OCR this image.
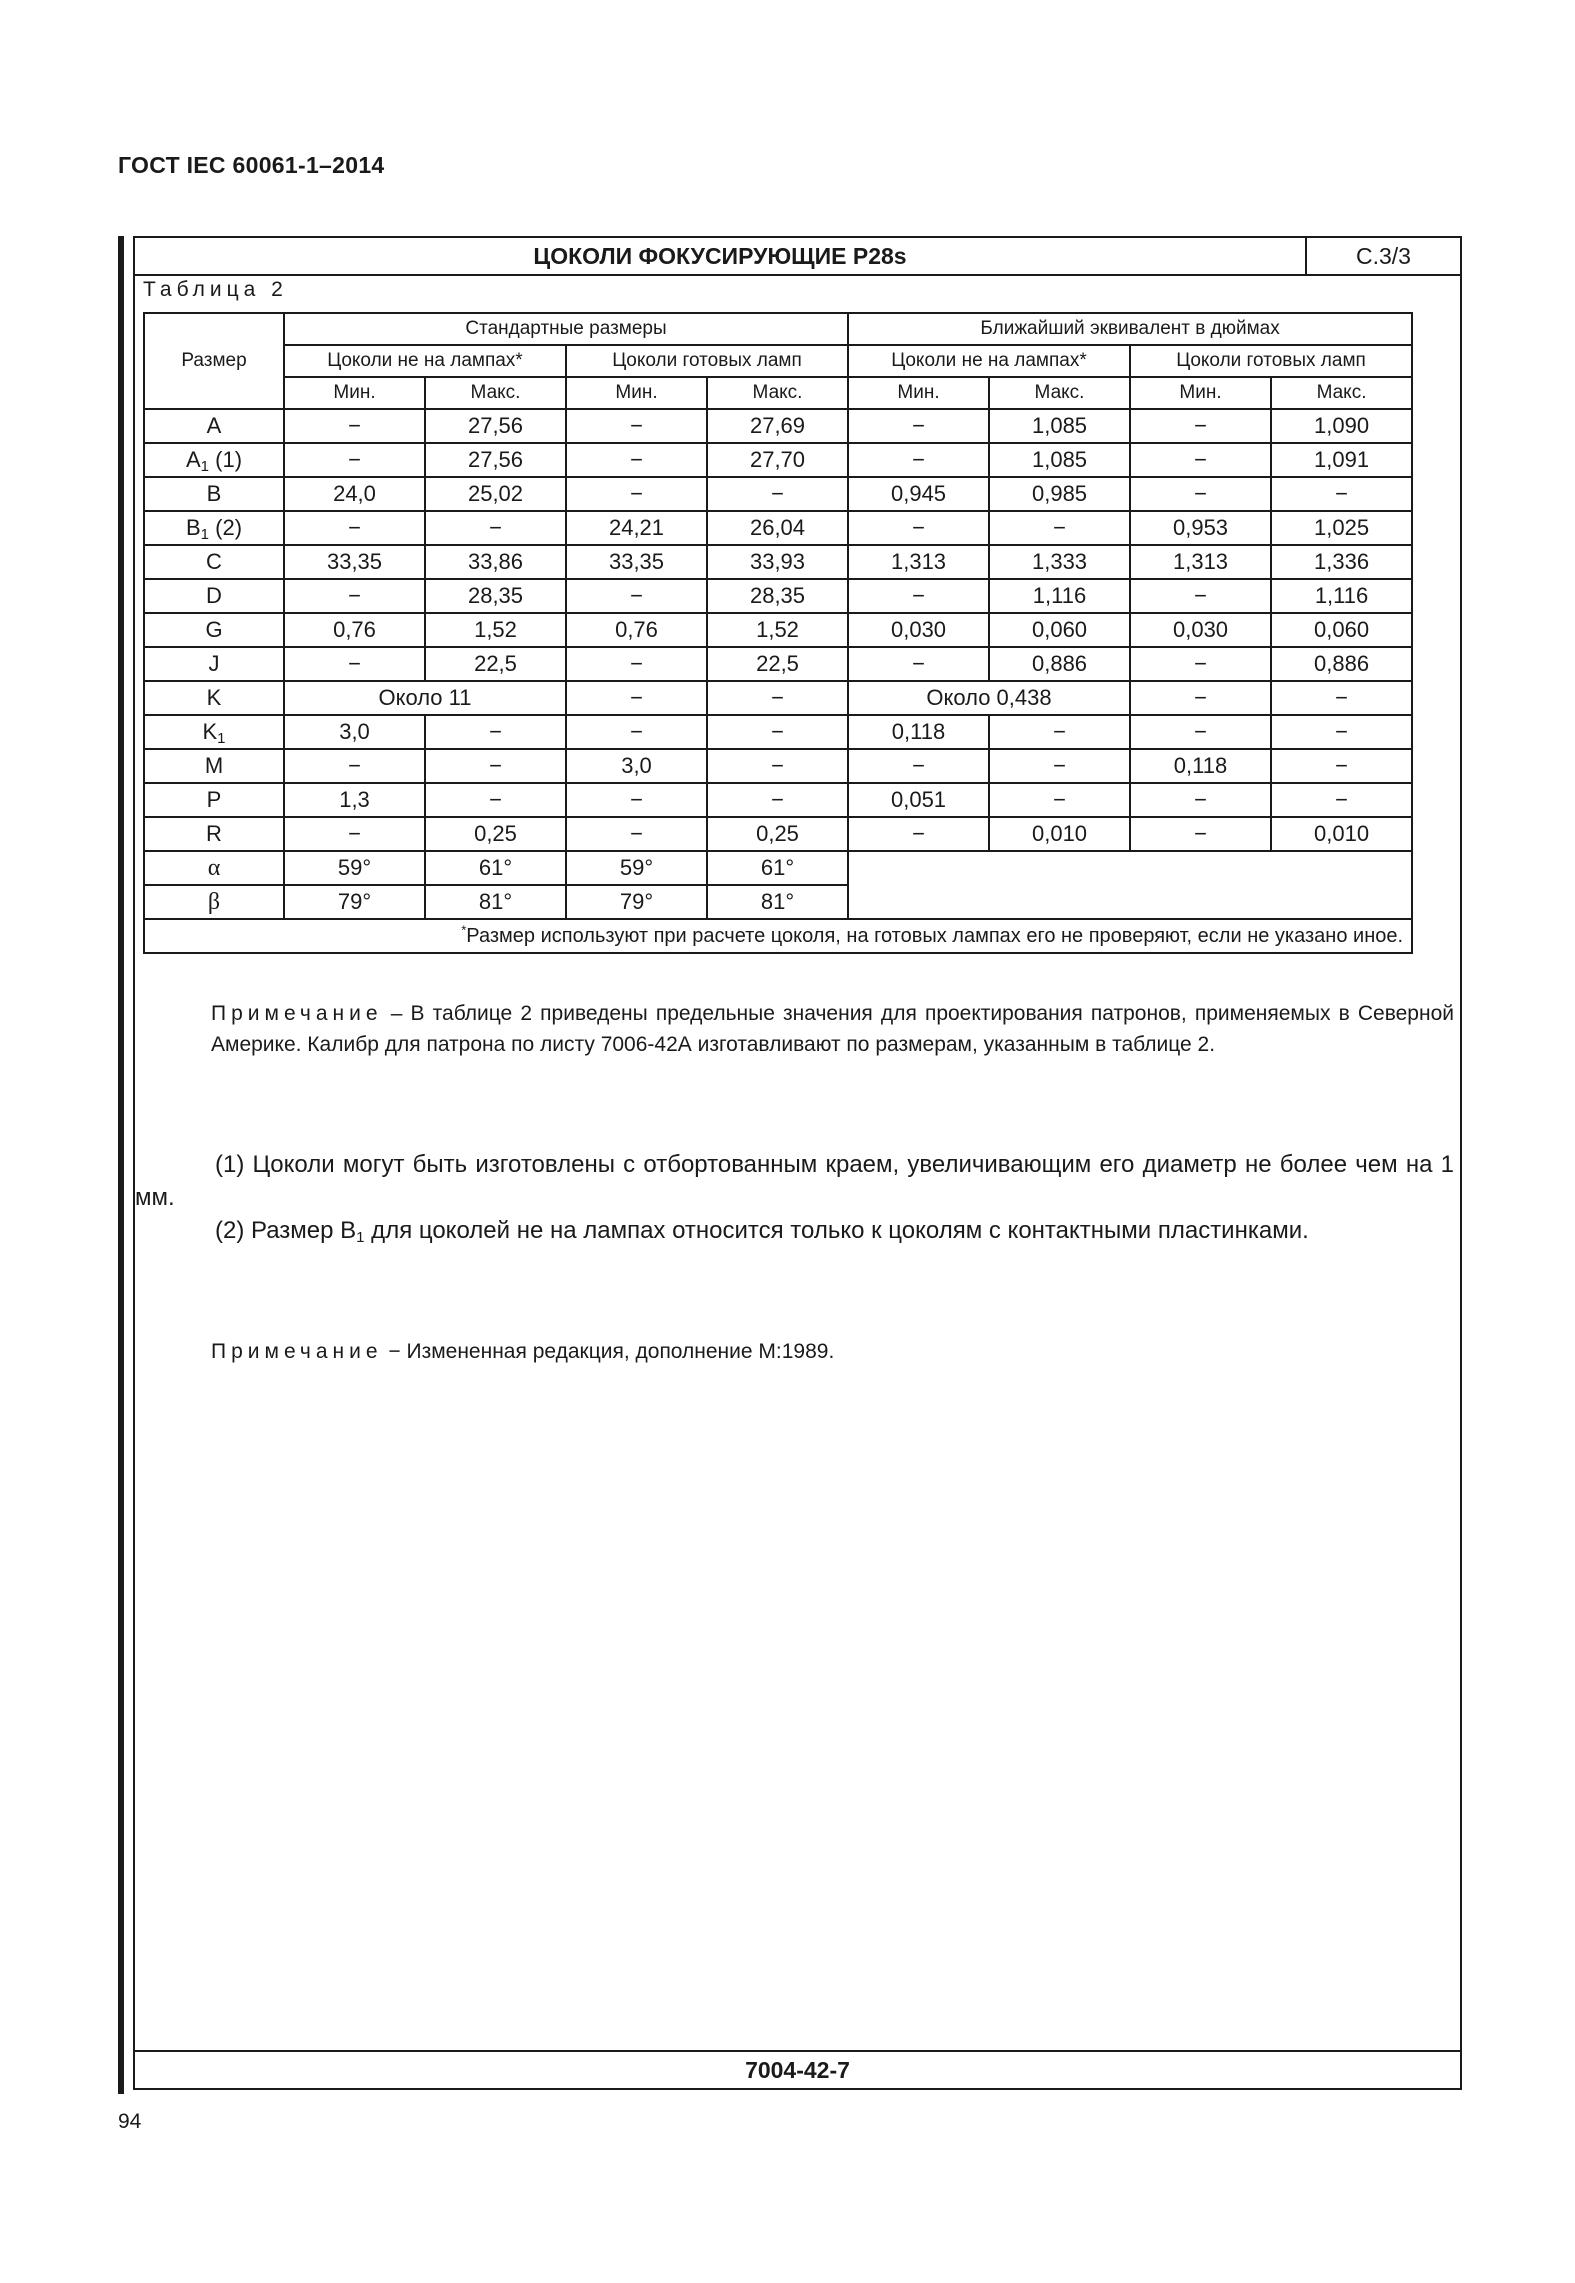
ГОСТ IEC 60061-1–2014
ЦОКОЛИ ФОКУСИРУЮЩИЕ P28s	С.3/3
Таблица 2
Размер	Стандартные размеры				Ближайший эквивалент в дюймах			
	Цоколи не на лампах*		Цоколи готовых ламп		Цоколи не на лампах*		Цоколи готовых ламп	
	Мин.	Макс.	Мин.	Макс.	Мин.	Макс.	Мин.	Макс.
A	−	27,56	−	27,69	−	1,085	−	1,090
$A_1$ (1)	−	27,56	−	27,70	−	1,085	−	1,091
B	24,0	25,02	−	−	0,945	0,985	−	−
$B_1$ (2)	−	−	24,21	26,04	−	−	0,953	1,025
C	33,35	33,86	33,35	33,93	1,313	1,333	1,313	1,336
D	−	28,35	−	28,35	−	1,116	−	1,116
G	0,76	1,52	0,76	1,52	0,030	0,060	0,030	0,060
J	−	22,5	−	22,5	−	0,886	−	0,886
K	Около 11		−	−	Около 0,438		−	−
$K_1$	3,0	−	−	−	0,118	−	−	−
M	−	−	3,0	−	−	−	0,118	−
P	1,3	−	−	−	0,051	−	−	−
R	−	0,25	−	0,25	−	0,010	−	0,010
α	59°	61°	59°	61°				
β	79°	81°	79°	81°				
*Размер используют при расчете цоколя, на готовых лампах его не проверяют, если не указано иное.								
Примечание – В таблице 2 приведены предельные значения для проектирования патронов, применяемых в Северной Америке. Калибр для патрона по листу 7006-42А изготавливают по размерам, указанным в таблице 2.

(1) Цоколи могут быть изготовлены с отбортованным краем, увеличивающим его диаметр не более чем на 1 мм.

(2) Размер $B_1$ для цоколей не на лампах относится только к цоколям с контактными пластинками.

Примечание − Измененная редакция, дополнение М:1989.
7004-42-7
94
